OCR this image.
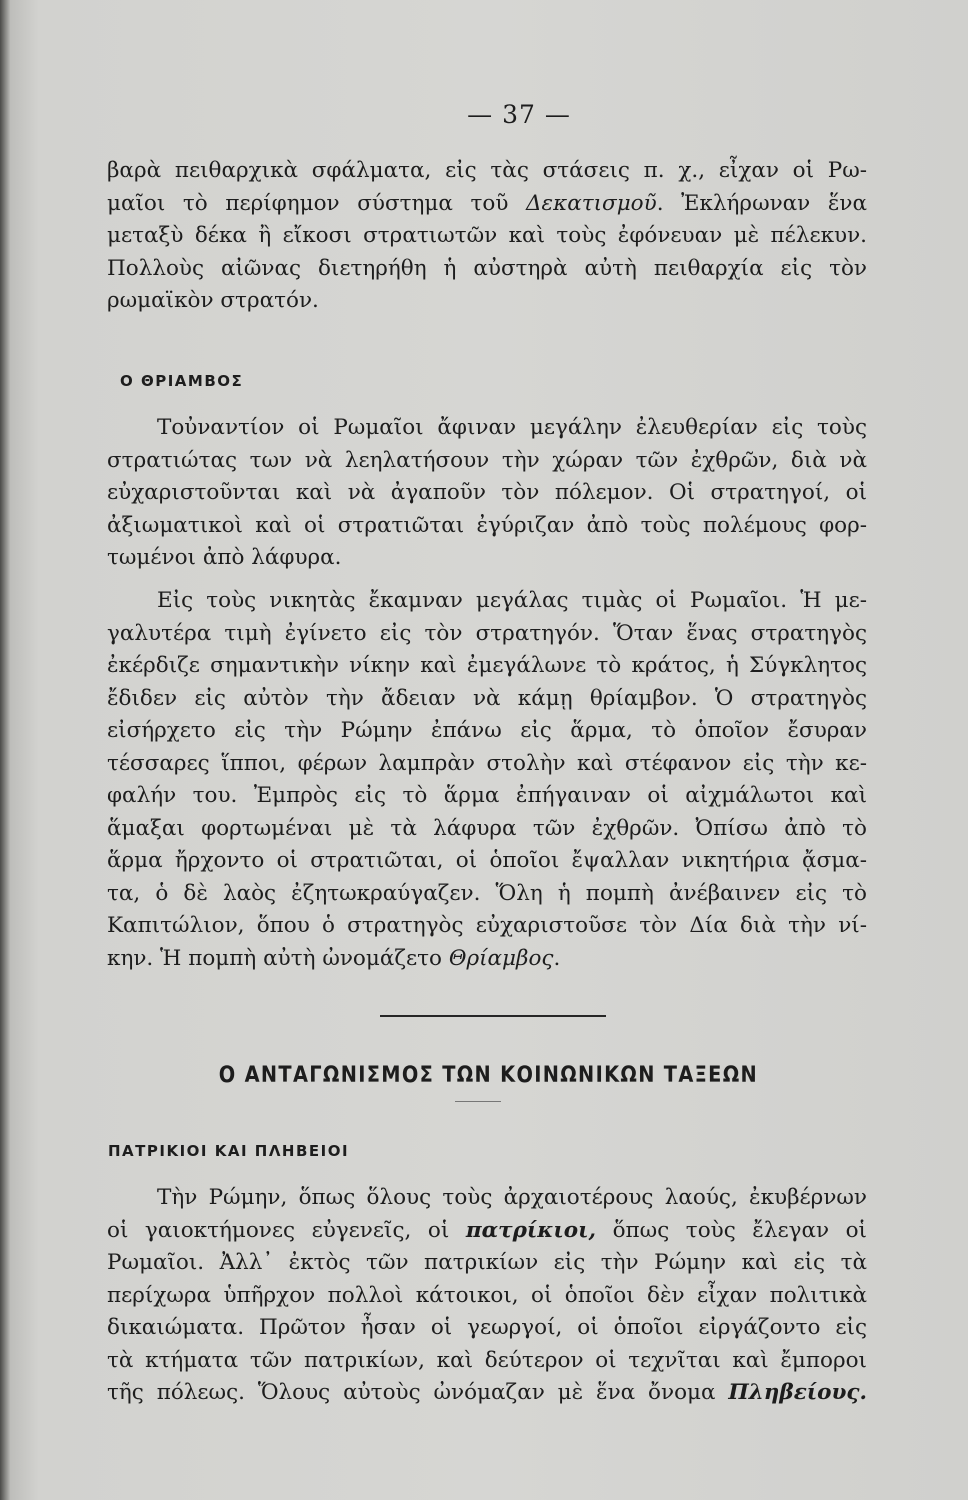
— 37 —
βαρὰ πειθαρχικὰ σφάλματα, εἰς τὰς στάσεις π. χ., εἶχαν οἱ Ρω-
μαῖοι τὸ περίφημον σύστημα τοῦ Δεκατισμοῦ. Ἐκλήρωναν ἕνα
μεταξὺ δέκα ἢ εἴκοσι στρατιωτῶν καὶ τοὺς ἐφόνευαν μὲ πέλεκυν.
Πολλοὺς αἰῶνας διετηρήθη ἡ αὐστηρὰ αὐτὴ πειθαρχία εἰς τὸν
ρωμαϊκὸν στρατόν.
Ο ΘΡΙΑΜΒΟΣ
Τοὐναντίον οἱ Ρωμαῖοι ἄφιναν μεγάλην ἐλευθερίαν εἰς τοὺς
στρατιώτας των νὰ λεηλατήσουν τὴν χώραν τῶν ἐχθρῶν, διὰ νὰ
εὐχαριστοῦνται καὶ νὰ ἀγαποῦν τὸν πόλεμον. Οἱ στρατηγοί, οἱ
ἀξιωματικοὶ καὶ οἱ στρατιῶται ἐγύριζαν ἀπὸ τοὺς πολέμους φορ-
τωμένοι ἀπὸ λάφυρα.
Εἰς τοὺς νικητὰς ἔκαμναν μεγάλας τιμὰς οἱ Ρωμαῖοι. Ἡ με-
γαλυτέρα τιμὴ ἐγίνετο εἰς τὸν στρατηγόν. Ὅταν ἕνας στρατηγὸς
ἐκέρδιζε σημαντικὴν νίκην καὶ ἐμεγάλωνε τὸ κράτος, ἡ Σύγκλητος
ἔδιδεν εἰς αὐτὸν τὴν ἄδειαν νὰ κάμῃ θρίαμβον. Ὁ στρατηγὸς
εἰσήρχετο εἰς τὴν Ρώμην ἐπάνω εἰς ἅρμα, τὸ ὁποῖον ἔσυραν
τέσσαρες ἵπποι, φέρων λαμπρὰν στολὴν καὶ στέφανον εἰς τὴν κε-
φαλήν του. Ἐμπρὸς εἰς τὸ ἅρμα ἐπήγαιναν οἱ αἰχμάλωτοι καὶ
ἅμαξαι φορτωμέναι μὲ τὰ λάφυρα τῶν ἐχθρῶν. Ὀπίσω ἀπὸ τὸ
ἅρμα ἤρχοντο οἱ στρατιῶται, οἱ ὁποῖοι ἔψαλλαν νικητήρια ᾄσμα-
τα, ὁ δὲ λαὸς ἐζητωκραύγαζεν. Ὅλη ἡ πομπὴ ἀνέβαινεν εἰς τὸ
Καπιτώλιον, ὅπου ὁ στρατηγὸς εὐχαριστοῦσε τὸν Δία διὰ τὴν νί-
κην. Ἡ πομπὴ αὐτὴ ὠνομάζετο Θρίαμβος.
Ο ΑΝΤΑΓΩΝΙΣΜΟΣ ΤΩΝ ΚΟΙΝΩΝΙΚΩΝ ΤΑΞΕΩΝ
ΠΑΤΡΙΚΙΟΙ ΚΑΙ ΠΛΗΒΕΙΟΙ
Τὴν Ρώμην, ὅπως ὅλους τοὺς ἀρχαιοτέρους λαούς, ἐκυβέρνων
οἱ γαιοκτήμονες εὐγενεῖς, οἱ πατρίκιοι, ὅπως τοὺς ἔλεγαν οἱ
Ρωμαῖοι. Ἀλλ᾿ ἐκτὸς τῶν πατρικίων εἰς τὴν Ρώμην καὶ εἰς τὰ
περίχωρα ὑπῆρχον πολλοὶ κάτοικοι, οἱ ὁποῖοι δὲν εἶχαν πολιτικὰ
δικαιώματα. Πρῶτον ἦσαν οἱ γεωργοί, οἱ ὁποῖοι εἰργάζοντο εἰς
τὰ κτήματα τῶν πατρικίων, καὶ δεύτερον οἱ τεχνῖται καὶ ἔμποροι
τῆς πόλεως. Ὅλους αὐτοὺς ὠνόμαζαν μὲ ἕνα ὄνομα Πληβείους.
